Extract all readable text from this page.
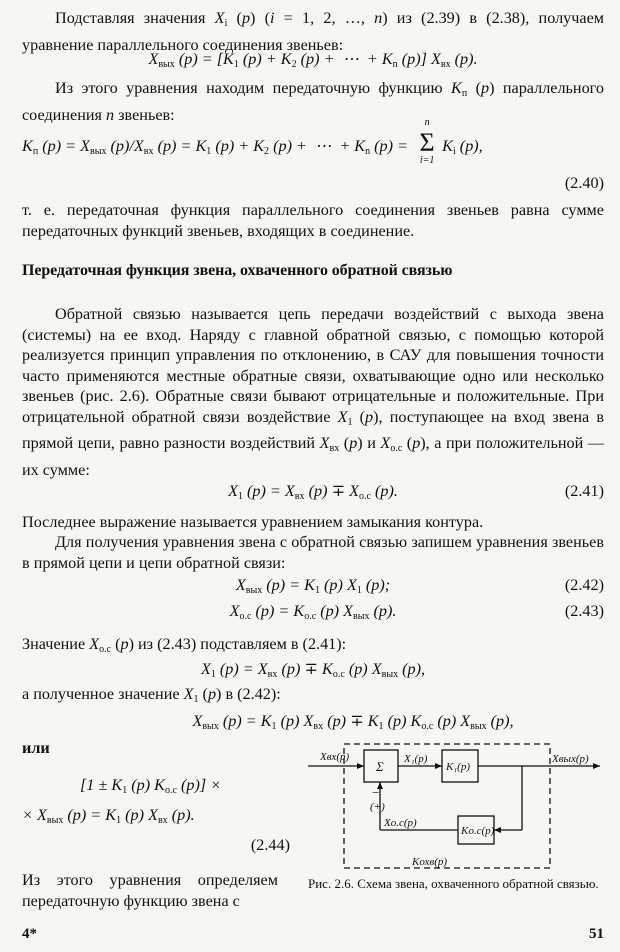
Подставляя значения $X_i$ (p) (i = 1, 2, …, n) из (2.39) в (2.38), получаем уравнение параллельного соединения звеньев:

$X_{вых}$ $(p) = [K_1$ $(p) + K_2$ (p) +  ⋯  + $K_n$ (p)] $X_{вх}$ (p).

Из этого уравнения находим передаточную функцию $K_п$ (p) параллельного соединения n звеньев:

$K_п$ $(p) = X_{вых}$ $(p)/X_{вх}$ $(p) = K_1$ $(p) + K_2$ (p) +  ⋯  + $K_n$ (p) =
n
Σ
i=1
$K_i$ (p),
(2.40)

т. е. передаточная функция параллельного соединения звеньев равна сумме передаточных функций звеньев, входящих в соединение.

Передаточная функция звена, охваченного обратной связью

Обратной связью называется цепь передачи воздействий с выхода звена (системы) на ее вход. Наряду с главной обратной связью, с помощью которой реализуется принцип управления по отклонению, в САУ для повышения точности часто применяются местные обратные связи, охватывающие одно или несколько звеньев (рис. 2.6). Обратные связи бывают отрицательные и положительные. При отрицательной обратной связи воздействие $X_1$ (p), поступающее на вход звена в прямой цепи, равно разности воздействий $X_{вх}$ (p) и $X_{о.с}$ (p), а при положительной — их сумме:

$X_1$ $(p) = X_{вх}$ $(p) \mp X_{о.с}$ (p).	(2.41)

Последнее выражение называется уравнением замыкания контура.

Для получения уравнения звена с обратной связью запишем уравнения звеньев в прямой цепи и цепи обратной связи:

$X_{вых}$ $(p) = K_1$ (p) $X_1$ (p);	(2.42)
$X_{о.с}$ $(p) = K_{о.с}$ (p) $X_{вых}$ (p).	(2.43)

Значение $X_{о.с}$ (p) из (2.43) подставляем в (2.41):

$X_1$ $(p) = X_{вх}$ $(p) \mp K_{о.с}$ (p) $X_{вых}$ (p),

а полученное значение $X_1$ (p) в (2.42):

$X_{вых}$ $(p) = K_1$ (p) $X_{вх}$ $(p) \mp K_1$ (p) $K_{о.с}$ (p) $X_{вых}$ (p),

или

[$1 \pm K_1$ (p) $K_{о.с}$ (p)] ×
× $X_{вых}$ $(p) = K_1$ (p) $X_{вх}$ (p).
(2.44)

Из этого уравнения определяем передаточную функцию звена с

Σ	K₁(p)
Kо.с(p)
Xвх(p)	X₁(p)	Xвых(p)
−
(+)
Xо.с(p)
Kохв(p)

Рис. 2.6. Схема звена, охваченного обратной связью.

4*	51
